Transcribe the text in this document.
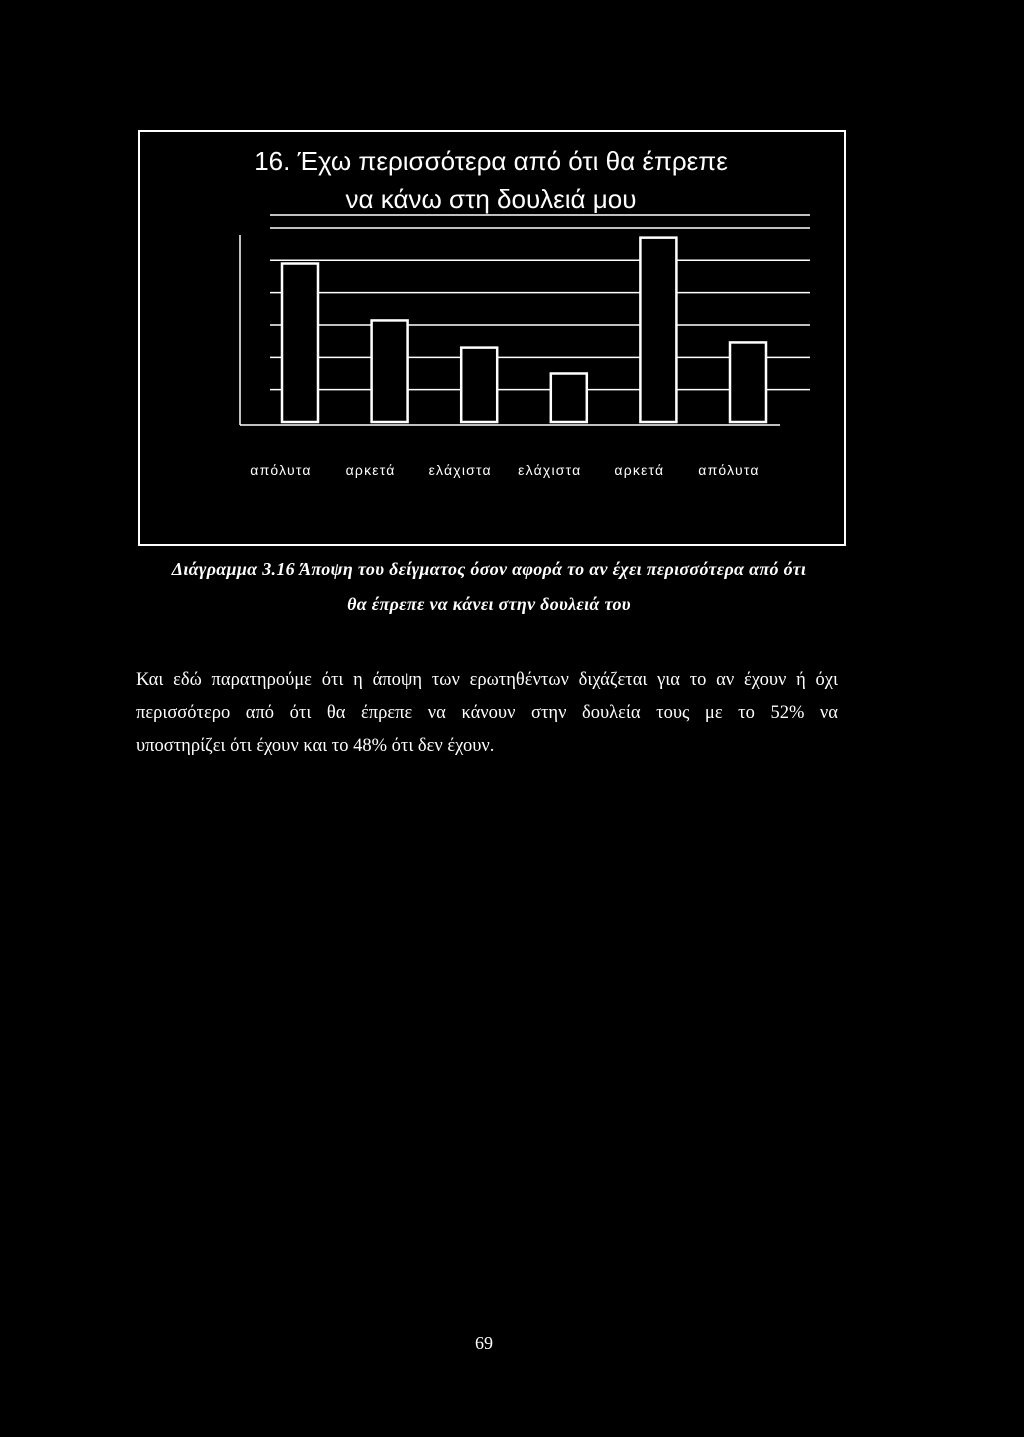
16. Έχω περισσότερα από ότι θα έπρεπε
να κάνω στη δουλειά μου
απόλυτα αρκετά ελάχιστα ελάχιστα αρκετά απόλυτα
Διάγραμμα 3.16 Άποψη του δείγματος όσον αφορά το αν έχει περισσότερα από ότι
θα έπρεπε να κάνει στην δουλειά του
Και εδώ παρατηρούμε ότι η άποψη των ερωτηθέντων διχάζεται για το αν έχουν ή όχι
περισσότερο από ότι θα έπρεπε να κάνουν στην δουλεία τους με το 52% να
υποστηρίζει ότι έχουν και το 48% ότι δεν έχουν.
69
